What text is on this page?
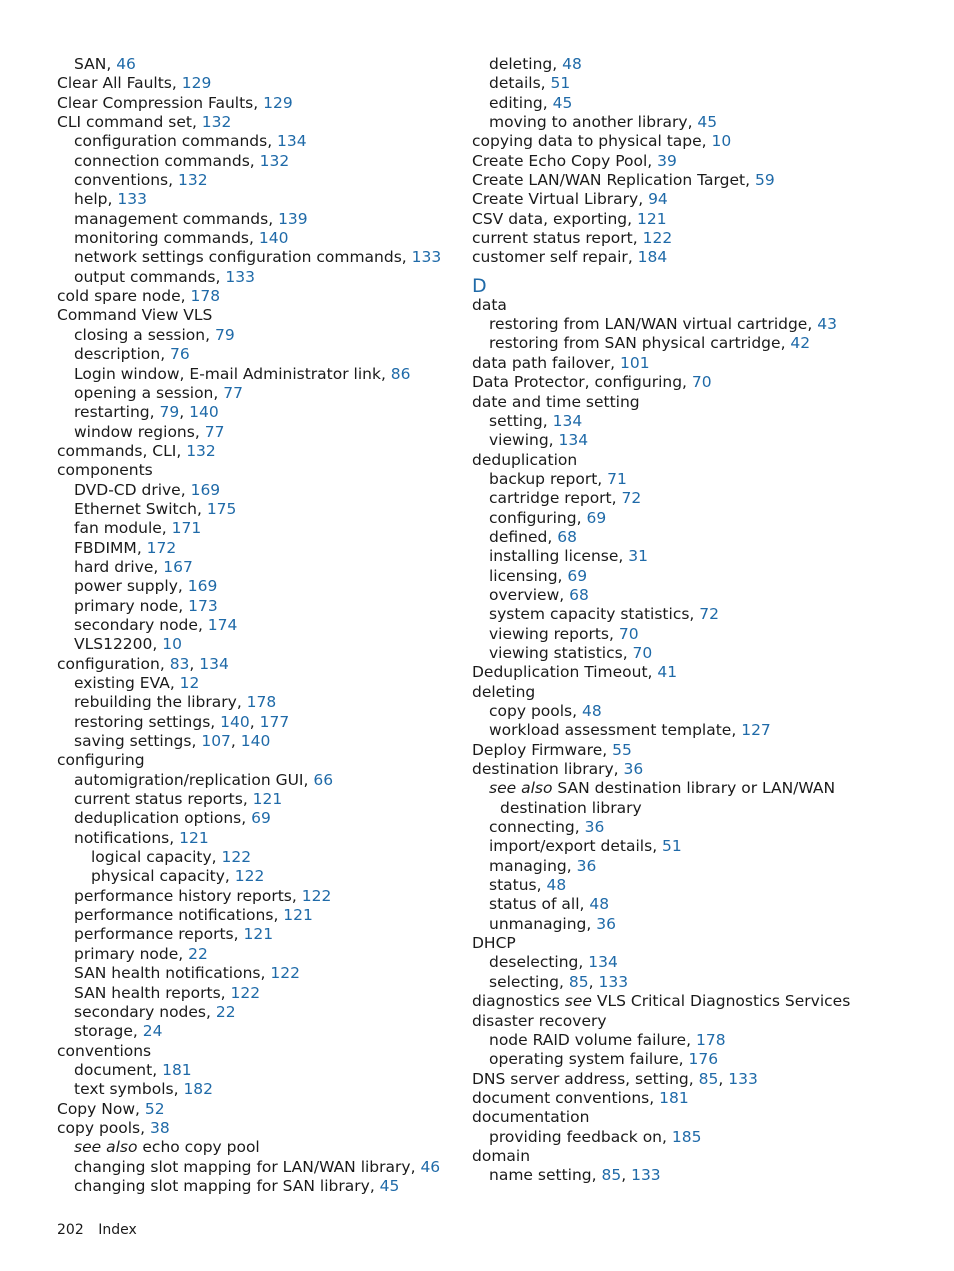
SAN, 46
Clear All Faults, 129
Clear Compression Faults, 129
CLI command set, 132
configuration commands, 134
connection commands, 132
conventions, 132
help, 133
management commands, 139
monitoring commands, 140
network settings configuration commands, 133
output commands, 133
cold spare node, 178
Command View VLS
closing a session, 79
description, 76
Login window, E-mail Administrator link, 86
opening a session, 77
restarting, 79, 140
window regions, 77
commands, CLI, 132
components
DVD-CD drive, 169
Ethernet Switch, 175
fan module, 171
FBDIMM, 172
hard drive, 167
power supply, 169
primary node, 173
secondary node, 174
VLS12200, 10
configuration, 83, 134
existing EVA, 12
rebuilding the library, 178
restoring settings, 140, 177
saving settings, 107, 140
configuring
automigration/replication GUI, 66
current status reports, 121
deduplication options, 69
notifications, 121
logical capacity, 122
physical capacity, 122
performance history reports, 122
performance notifications, 121
performance reports, 121
primary node, 22
SAN health notifications, 122
SAN health reports, 122
secondary nodes, 22
storage, 24
conventions
document, 181
text symbols, 182
Copy Now, 52
copy pools, 38
see also echo copy pool
changing slot mapping for LAN/WAN library, 46
changing slot mapping for SAN library, 45
deleting, 48
details, 51
editing, 45
moving to another library, 45
copying data to physical tape, 10
Create Echo Copy Pool, 39
Create LAN/WAN Replication Target, 59
Create Virtual Library, 94
CSV data, exporting, 121
current status report, 122
customer self repair, 184
D
data
restoring from LAN/WAN virtual cartridge, 43
restoring from SAN physical cartridge, 42
data path failover, 101
Data Protector, configuring, 70
date and time setting
setting, 134
viewing, 134
deduplication
backup report, 71
cartridge report, 72
configuring, 69
defined, 68
installing license, 31
licensing, 69
overview, 68
system capacity statistics, 72
viewing reports, 70
viewing statistics, 70
Deduplication Timeout, 41
deleting
copy pools, 48
workload assessment template, 127
Deploy Firmware, 55
destination library, 36
see also SAN destination library or LAN/WAN
destination library
connecting, 36
import/export details, 51
managing, 36
status, 48
status of all, 48
unmanaging, 36
DHCP
deselecting, 134
selecting, 85, 133
diagnostics see VLS Critical Diagnostics Services
disaster recovery
node RAID volume failure, 178
operating system failure, 176
DNS server address, setting, 85, 133
document conventions, 181
documentation
providing feedback on, 185
domain
name setting, 85, 133
202 Index
